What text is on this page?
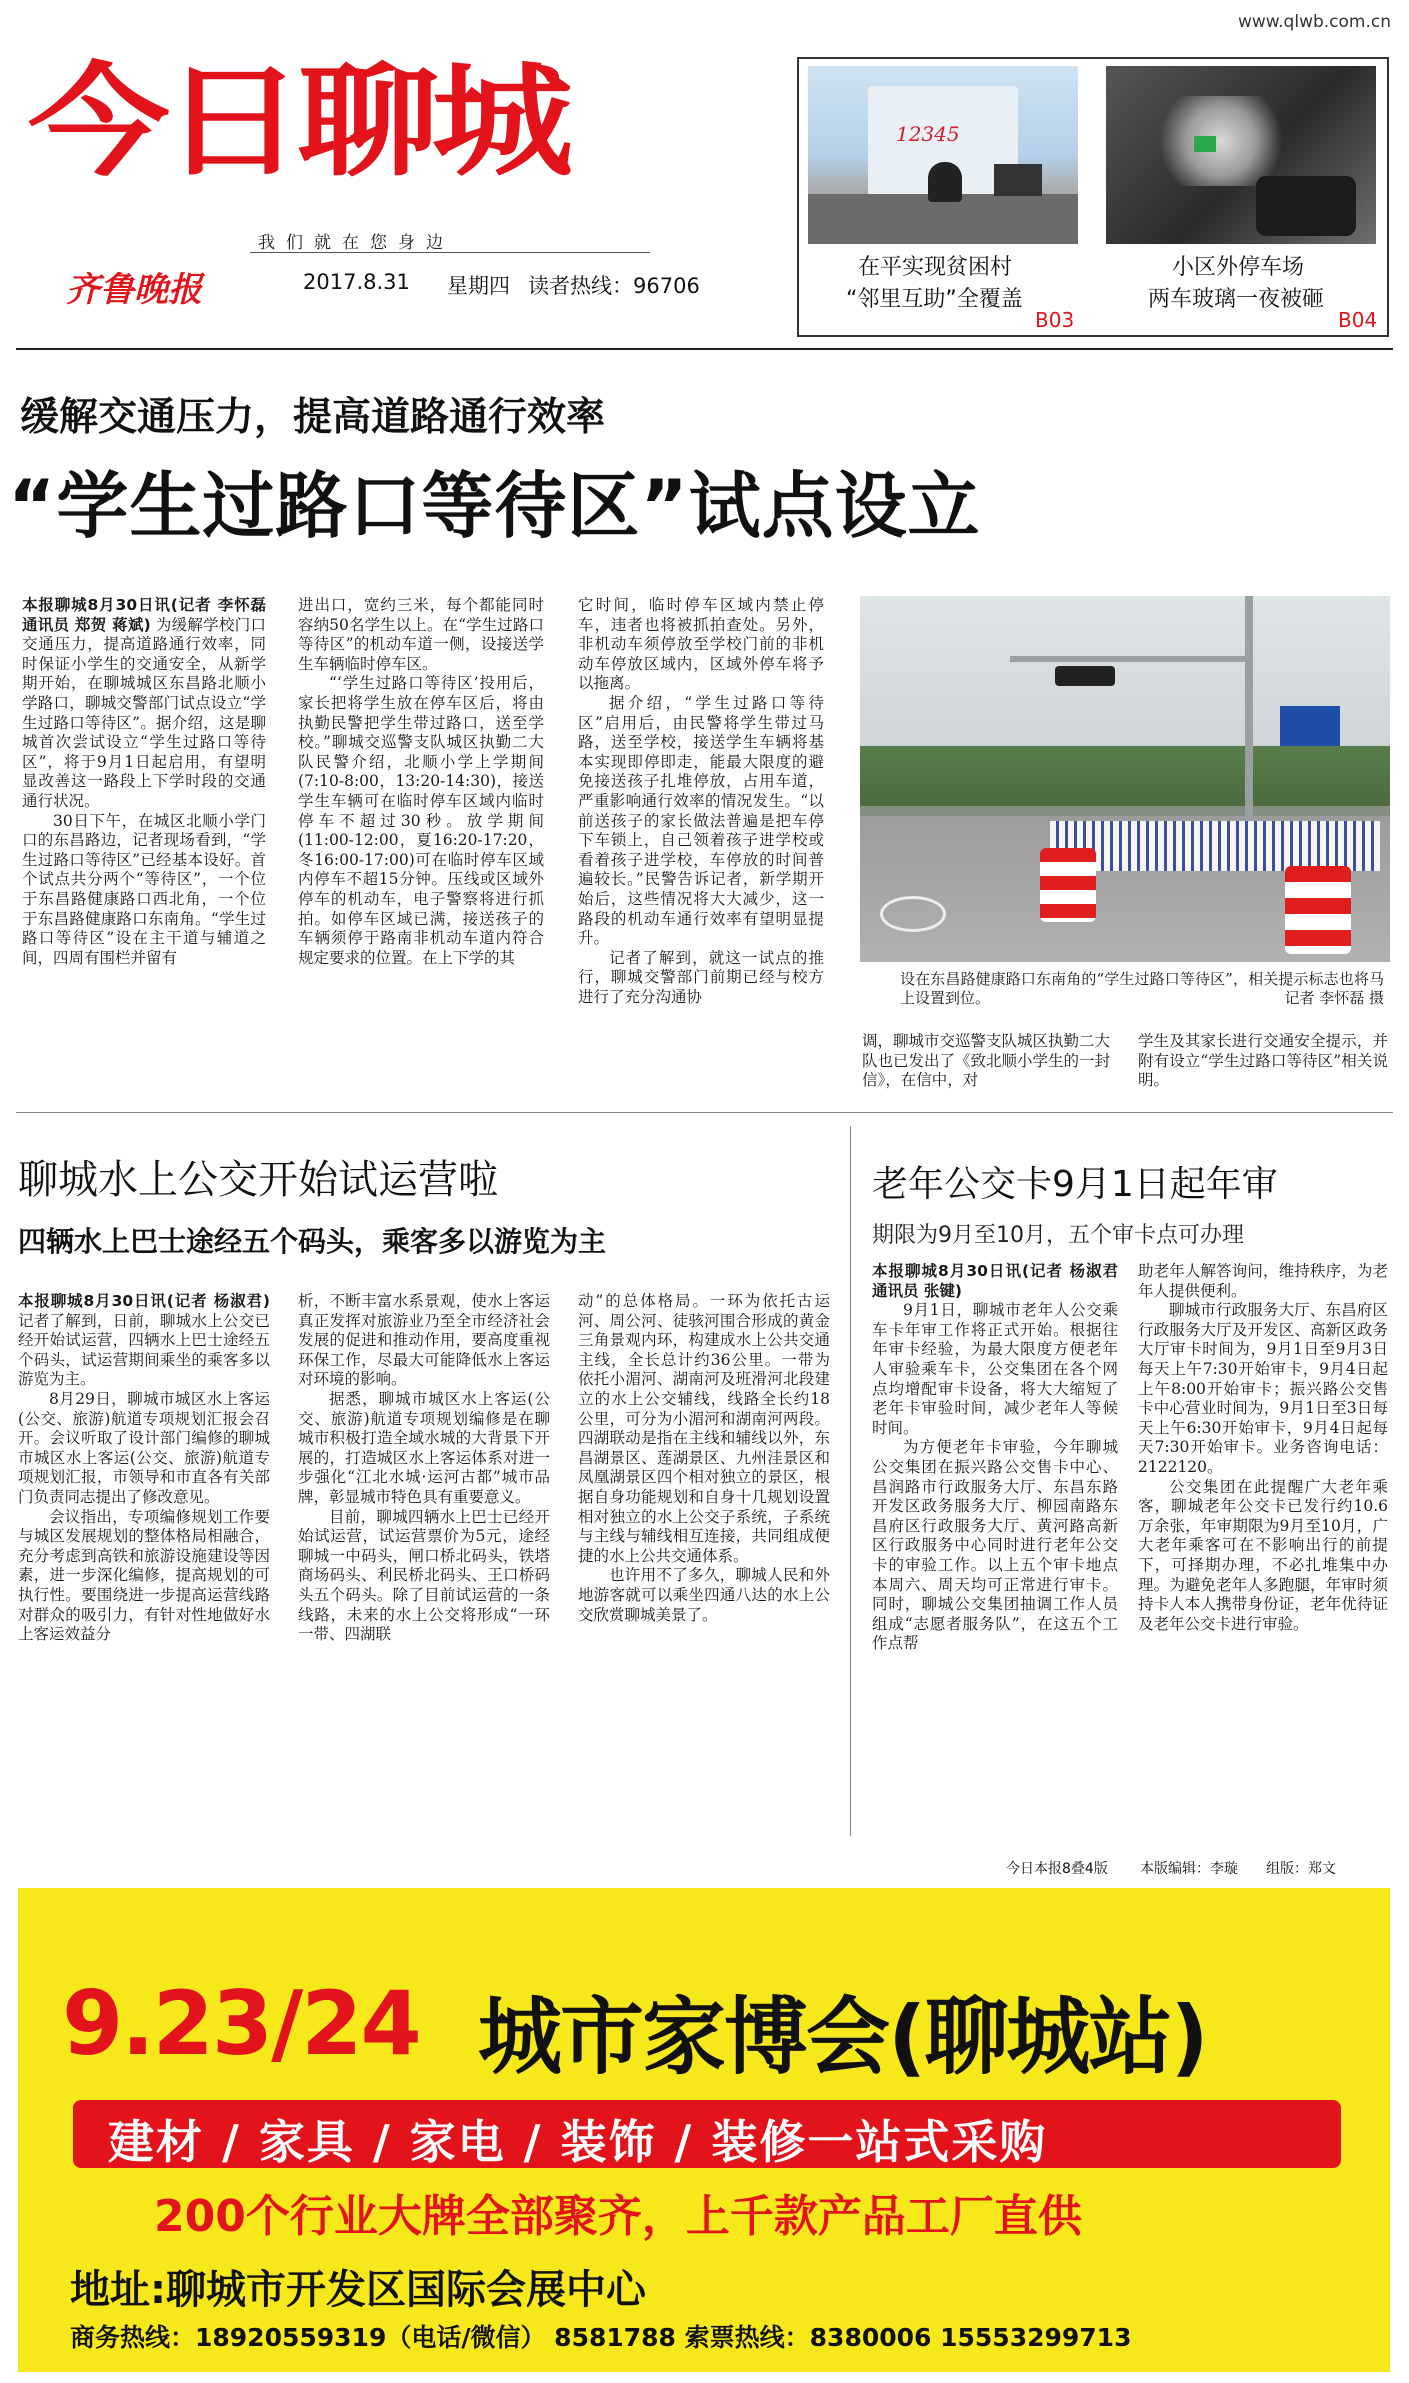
www.qlwb.com.cn
今日聊城
我们就在您身边
齐鲁晚报	2017.8.31 星期四 读者热线：96706
12345
在平实现贫困村
“邻里互助”全覆盖
B03
小区外停车场
两车玻璃一夜被砸
B04
缓解交通压力，提高道路通行效率
“学生过路口等待区”试点设立

本报聊城8月30日讯(记者 李怀磊 通讯员 郑贺 蒋斌) 为缓解学校门口交通压力，提高道路通行效率，同时保证小学生的交通安全，从新学期开始，在聊城城区东昌路北顺小学路口，聊城交警部门试点设立“学生过路口等待区”。据介绍，这是聊城首次尝试设立“学生过路口等待区”，将于9月1日起启用，有望明显改善这一路段上下学时段的交通通行状况。

30日下午，在城区北顺小学门口的东昌路边，记者现场看到，“学生过路口等待区”已经基本设好。首个试点共分两个“等待区”，一个位于东昌路健康路口西北角，一个位于东昌路健康路口东南角。“学生过路口等待区”设在主干道与辅道之间，四周有围栏并留有

进出口，宽约三米，每个都能同时容纳50名学生以上。在“学生过路口等待区”的机动车道一侧，设接送学生车辆临时停车区。

“‘学生过路口等待区’投用后，家长把将学生放在停车区后，将由执勤民警把学生带过路口，送至学校。”聊城交巡警支队城区执勤二大队民警介绍，北顺小学上学期间(7:10-8:00，13:20-14:30)，接送学生车辆可在临时停车区域内临时停车不超过30秒。放学期间(11:00-12:00，夏16:20-17:20，冬16:00-17:00)可在临时停车区域内停车不超15分钟。压线或区域外停车的机动车，电子警察将进行抓拍。如停车区域已满，接送孩子的车辆须停于路南非机动车道内符合规定要求的位置。在上下学的其

它时间，临时停车区域内禁止停车，违者也将被抓拍查处。另外，非机动车须停放至学校门前的非机动车停放区域内，区域外停车将予以拖离。

据介绍，“学生过路口等待区”启用后，由民警将学生带过马路，送至学校，接送学生车辆将基本实现即停即走，能最大限度的避免接送孩子扎堆停放，占用车道，严重影响通行效率的情况发生。“以前送孩子的家长做法普遍是把车停下车锁上，自己领着孩子进学校或看着孩子进学校，车停放的时间普遍较长。”民警告诉记者，新学期开始后，这些情况将大大减少，这一路段的机动车通行效率有望明显提升。

记者了解到，就这一试点的推行，聊城交警部门前期已经与校方进行了充分沟通协

设在东昌路健康路口东南角的“学生过路口等待区”，相关提示标志也将马上设置到位。	记者 李怀磊 摄

调，聊城市交巡警支队城区执勤二大队也已发出了《致北顺小学生的一封信》，在信中，对

学生及其家长进行交通安全提示，并附有设立“学生过路口等待区”相关说明。

聊城水上公交开始试运营啦
四辆水上巴士途经五个码头，乘客多以游览为主

本报聊城8月30日讯(记者 杨淑君) 记者了解到，日前，聊城水上公交已经开始试运营，四辆水上巴士途经五个码头，试运营期间乘坐的乘客多以游览为主。

8月29日，聊城市城区水上客运(公交、旅游)航道专项规划汇报会召开。会议听取了设计部门编修的聊城市城区水上客运(公交、旅游)航道专项规划汇报，市领导和市直各有关部门负责同志提出了修改意见。

会议指出，专项编修规划工作要与城区发展规划的整体格局相融合，充分考虑到高铁和旅游设施建设等因素，进一步深化编修，提高规划的可执行性。要围绕进一步提高运营线路对群众的吸引力，有针对性地做好水上客运效益分

析，不断丰富水系景观，使水上客运真正发挥对旅游业乃至全市经济社会发展的促进和推动作用，要高度重视环保工作，尽最大可能降低水上客运对环境的影响。

据悉，聊城市城区水上客运(公交、旅游)航道专项规划编修是在聊城市积极打造全域水城的大背景下开展的，打造城区水上客运体系对进一步强化“江北水城·运河古都”城市品牌，彰显城市特色具有重要意义。

目前，聊城四辆水上巴士已经开始试运营，试运营票价为5元，途经聊城一中码头，闸口桥北码头，铁塔商场码头、利民桥北码头、王口桥码头五个码头。除了目前试运营的一条线路，未来的水上公交将形成“一环一带、四湖联

动”的总体格局。一环为依托古运河、周公河、徒骇河围合形成的黄金三角景观内环，构建成水上公共交通主线，全长总计约36公里。一带为依托小湄河、湖南河及班滑河北段建立的水上公交辅线，线路全长约18公里，可分为小湄河和湖南河两段。四湖联动是指在主线和辅线以外，东昌湖景区、莲湖景区、九州洼景区和凤凰湖景区四个相对独立的景区，根据自身功能规划和自身十几规划设置相对独立的水上公交子系统，子系统与主线与辅线相互连接，共同组成便捷的水上公共交通体系。

也许用不了多久，聊城人民和外地游客就可以乘坐四通八达的水上公交欣赏聊城美景了。

老年公交卡9月1日起年审
期限为9月至10月，五个审卡点可办理

本报聊城8月30日讯(记者 杨淑君 通讯员 张键)

9月1日，聊城市老年人公交乘车卡年审工作将正式开始。根据往年审卡经验，为最大限度方便老年人审验乘车卡，公交集团在各个网点均增配审卡设备，将大大缩短了老年卡审验时间，减少老年人等候时间。

为方便老年卡审验，今年聊城公交集团在振兴路公交售卡中心、昌润路市行政服务大厅、东昌东路开发区政务服务大厅、柳园南路东昌府区行政服务大厅、黄河路高新区行政服务中心同时进行老年公交卡的审验工作。以上五个审卡地点本周六、周天均可正常进行审卡。同时，聊城公交集团抽调工作人员组成“志愿者服务队”，在这五个工作点帮

助老年人解答询问，维持秩序，为老年人提供便利。

聊城市行政服务大厅、东昌府区行政服务大厅及开发区、高新区政务大厅审卡时间为，9月1日至9月3日每天上午7:30开始审卡，9月4日起上午8:00开始审卡；振兴路公交售卡中心营业时间为，9月1日至3日每天上午6:30开始审卡，9月4日起每天7:30开始审卡。业务咨询电话：2122120。

公交集团在此提醒广大老年乘客，聊城老年公交卡已发行约10.6万余张，年审期限为9月至10月，广大老年乘客可在不影响出行的前提下，可择期办理，不必扎堆集中办理。为避免老年人多跑腿，年审时须持卡人本人携带身份证，老年优待证及老年公交卡进行审验。

今日本报8叠4版 本版编辑：李璇 组版：郑文
9.23/24 城市家博会(聊城站)
建材 / 家具 / 家电 / 装饰 / 装修一站式采购
200个行业大牌全部聚齐，上千款产品工厂直供
地址:聊城市开发区国际会展中心
商务热线：18920559319（电话/微信） 8581788 索票热线：8380006 15553299713
